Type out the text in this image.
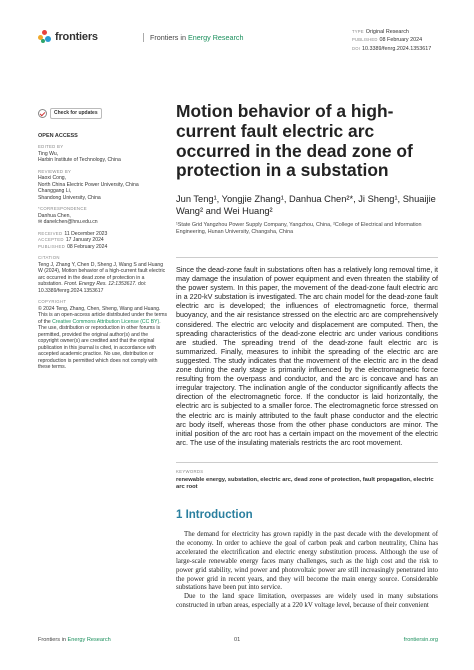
frontiers	Frontiers in Energy Research
TYPE Original Research
PUBLISHED 08 February 2024
DOI 10.3389/fenrg.2024.1353617
Check for updates
OPEN ACCESS
EDITED BY
Ting Wu,
Harbin Institute of Technology, China
REVIEWED BY
Haoxi Cong,
North China Electric Power University, China
Changgang Li,
Shandong University, China
*CORRESPONDENCE
Danhua Chen,
✉ danelchen@hnu.edu.cn
RECEIVED 11 December 2023
ACCEPTED 17 January 2024
PUBLISHED 08 February 2024
CITATION
Teng J, Zhang Y, Chen D, Sheng J, Wang S and Huang W (2024), Motion behavior of a high-current fault electric arc occurred in the dead zone of protection in a substation. Front. Energy Res. 12:1353617. doi: 10.3389/fenrg.2024.1353617
COPYRIGHT
© 2024 Teng, Zhang, Chen, Sheng, Wang and Huang. This is an open-access article distributed under the terms of the Creative Commons Attribution License (CC BY). The use, distribution or reproduction in other forums is permitted, provided the original author(s) and the copyright owner(s) are credited and that the original publication in this journal is cited, in accordance with accepted academic practice. No use, distribution or reproduction is permitted which does not comply with these terms.
Motion behavior of a high-current fault electric arc occurred in the dead zone of protection in a substation
Jun Teng¹, Yongjie Zhang¹, Danhua Chen²*, Ji Sheng¹, Shuaijie Wang² and Wei Huang²
¹State Grid Yangzhou Power Supply Company, Yangzhou, China, ²College of Electrical and Information Engineering, Hunan University, Changsha, China
Since the dead-zone fault in substations often has a relatively long removal time, it may damage the insulation of power equipment and even threaten the stability of the power system. In this paper, the movement of the dead-zone fault electric arc in a 220-kV substation is investigated. The arc chain model for the dead-zone fault electric arc is developed; the influences of electromagnetic force, thermal buoyancy, and the air resistance stressed on the electric arc are comprehensively considered. The electric arc velocity and displacement are computed. Then, the spreading characteristics of the dead-zone electric arc under various conditions are studied. The spreading trend of the dead-zone fault electric arc is summarized. Finally, measures to inhibit the spreading of the electric arc are suggested. The study indicates that the movement of the electric arc in the dead zone during the early stage is primarily influenced by the electromagnetic force resulting from the overpass and conductor, and the arc is concave and has an irregular trajectory. The inclination angle of the conductor significantly affects the direction of the electromagnetic force. If the conductor is laid horizontally, the electric arc is subjected to a smaller force. The electromagnetic force stressed on the electric arc is mainly attributed to the fault phase conductor and the electric arc body itself, whereas those from the other phase conductors are minor. The initial position of the arc root has a certain impact on the movement of the electric arc. The use of the insulating materials restricts the arc root movement.
KEYWORDS
renewable energy, substation, electric arc, dead zone of protection, fault propagation, electric arc root
1 Introduction

The demand for electricity has grown rapidly in the past decade with the development of the economy. In order to achieve the goal of carbon peak and carbon neutrality, China has accelerated the electrification and electric energy substitution process. Although the use of large-scale renewable energy faces many challenges, such as the high cost and the risk to power grid stability, wind power and photovoltaic power are still increasingly penetrated into the power grid in recent years, and they will become the main energy source. Considerable substations have been put into service.

Due to the land space limitation, overpasses are widely used in many substations constructed in urban areas, especially at a 220 kV voltage level, because of their convenient

Frontiers in Energy Research	01	frontiersin.org
